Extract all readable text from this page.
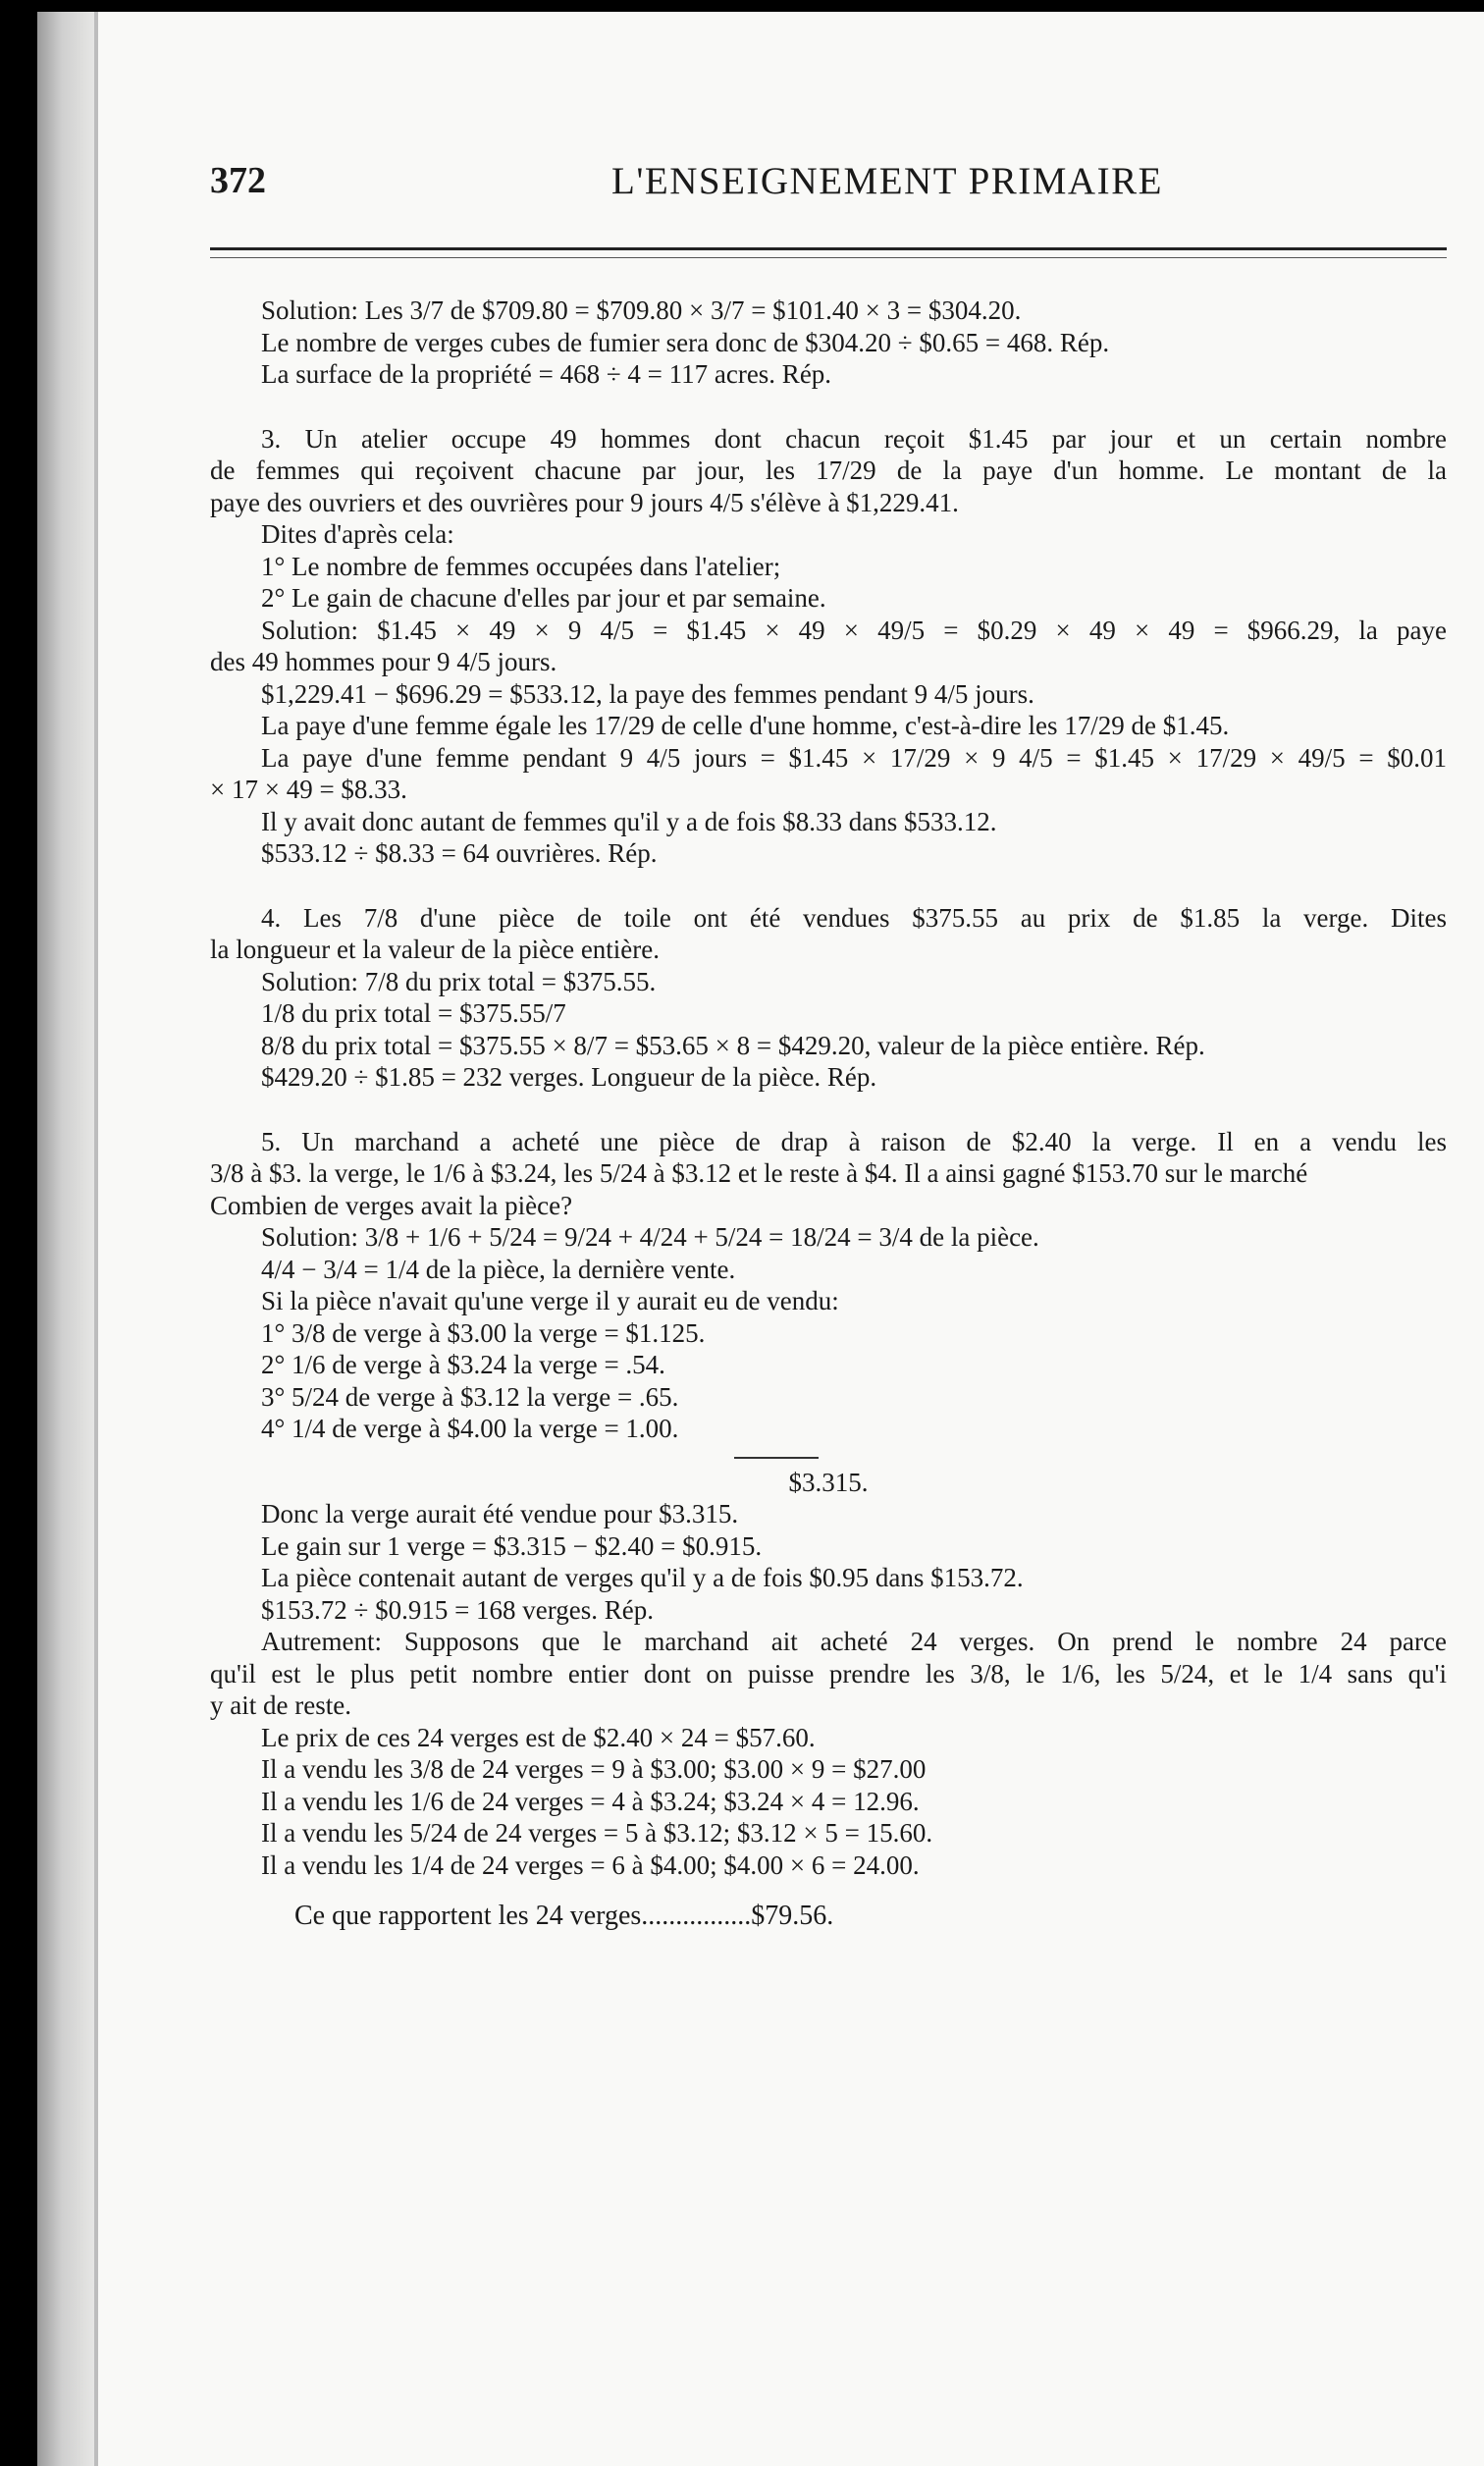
372	L'ENSEIGNEMENT PRIMAIRE
Solution: Les 3/7 de $709.80 = $709.80 × 3/7 = $101.40 × 3 = $304.20.
Le nombre de verges cubes de fumier sera donc de $304.20 ÷ $0.65 = 468. Rép.
La surface de la propriété = 468 ÷ 4 = 117 acres. Rép.
3. Un atelier occupe 49 hommes dont chacun reçoit $1.45 par jour et un certain nombre
de femmes qui reçoivent chacune par jour, les 17/29 de la paye d'un homme. Le montant de la
paye des ouvriers et des ouvrières pour 9 jours 4/5 s'élève à $1,229.41.
Dites d'après cela:
1° Le nombre de femmes occupées dans l'atelier;
2° Le gain de chacune d'elles par jour et par semaine.
Solution: $1.45 × 49 × 9 4/5 = $1.45 × 49 × 49/5 = $0.29 × 49 × 49 = $966.29, la paye
des 49 hommes pour 9 4/5 jours.
$1,229.41 − $696.29 = $533.12, la paye des femmes pendant 9 4/5 jours.
La paye d'une femme égale les 17/29 de celle d'une homme, c'est-à-dire les 17/29 de $1.45.
La paye d'une femme pendant 9 4/5 jours = $1.45 × 17/29 × 9 4/5 = $1.45 × 17/29 × 49/5 = $0.01
× 17 × 49 = $8.33.
Il y avait donc autant de femmes qu'il y a de fois $8.33 dans $533.12.
$533.12 ÷ $8.33 = 64 ouvrières. Rép.
4. Les 7/8 d'une pièce de toile ont été vendues $375.55 au prix de $1.85 la verge. Dites
la longueur et la valeur de la pièce entière.
Solution: 7/8 du prix total = $375.55.
1/8 du prix total = $375.55/7
8/8 du prix total = $375.55 × 8/7 = $53.65 × 8 = $429.20, valeur de la pièce entière. Rép.
$429.20 ÷ $1.85 = 232 verges. Longueur de la pièce. Rép.
5. Un marchand a acheté une pièce de drap à raison de $2.40 la verge. Il en a vendu les
3/8 à $3. la verge, le 1/6 à $3.24, les 5/24 à $3.12 et le reste à $4. Il a ainsi gagné $153.70 sur le marché
Combien de verges avait la pièce?
Solution: 3/8 + 1/6 + 5/24 = 9/24 + 4/24 + 5/24 = 18/24 = 3/4 de la pièce.
4/4 − 3/4 = 1/4 de la pièce, la dernière vente.
Si la pièce n'avait qu'une verge il y aurait eu de vendu:
1° 3/8 de verge à $3.00 la verge = $1.125.
2° 1/6 de verge à $3.24 la verge = .54.
3° 5/24 de verge à $3.12 la verge = .65.
4° 1/4 de verge à $4.00 la verge = 1.00.
$3.315.
Donc la verge aurait été vendue pour $3.315.
Le gain sur 1 verge = $3.315 − $2.40 = $0.915.
La pièce contenait autant de verges qu'il y a de fois $0.95 dans $153.72.
$153.72 ÷ $0.915 = 168 verges. Rép.
Autrement: Supposons que le marchand ait acheté 24 verges. On prend le nombre 24 parce
qu'il est le plus petit nombre entier dont on puisse prendre les 3/8, le 1/6, les 5/24, et le 1/4 sans qu'i
y ait de reste.
Le prix de ces 24 verges est de $2.40 × 24 = $57.60.
Il a vendu les 3/8 de 24 verges = 9 à $3.00; $3.00 × 9 = $27.00
Il a vendu les 1/6 de 24 verges = 4 à $3.24; $3.24 × 4 = 12.96.
Il a vendu les 5/24 de 24 verges = 5 à $3.12; $3.12 × 5 = 15.60.
Il a vendu les 1/4 de 24 verges = 6 à $4.00; $4.00 × 6 = 24.00.
Ce que rapportent les 24 verges................$79.56.
